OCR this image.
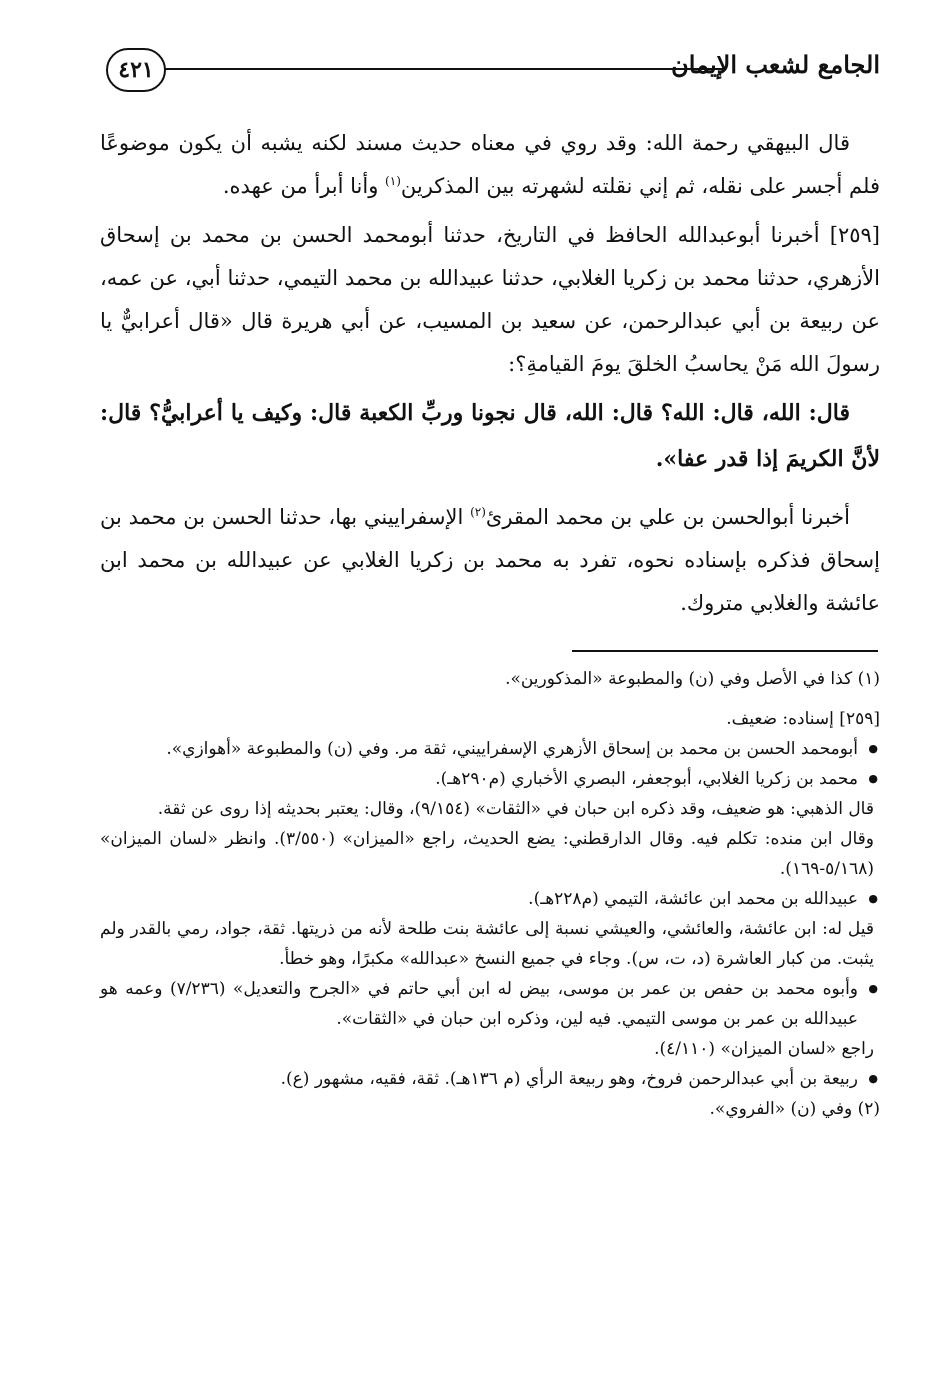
٤٢١	الجامع لشعب الإيمان
قال البيهقي رحمة الله: وقد روي في معناه حديث مسند لكنه يشبه أن يكون موضوعًا فلم أجسر على نقله، ثم إني نقلته لشهرته بين المذكرين$^{(١)}$ وأنا أبرأ من عهده.
[٢٥٩] أخبرنا أبوعبدالله الحافظ في التاريخ، حدثنا أبومحمد الحسن بن محمد بن إسحاق الأزهري، حدثنا محمد بن زكريا الغلابي، حدثنا عبيدالله بن محمد التيمي، حدثنا أبي، عن عمه، عن ربيعة بن أبي عبدالرحمن، عن سعيد بن المسيب، عن أبي هريرة قال «قال أعرابيٌّ يا رسولَ الله مَنْ يحاسبُ الخلقَ يومَ القيامةِ؟:
قال: الله، قال: الله؟ قال: الله، قال نجونا وربِّ الكعبة قال: وكيف يا أعرابيُّ؟ قال: لأنَّ الكريمَ إذا قدر عفا».
أخبرنا أبوالحسن بن علي بن محمد المقرئ$^{(٢)}$ الإسفراييني بها، حدثنا الحسن بن محمد بن إسحاق فذكره بإسناده نحوه، تفرد به محمد بن زكريا الغلابي عن عبيدالله بن محمد ابن عائشة والغلابي متروك.
(١) كذا في الأصل وفي (ن) والمطبوعة «المذكورين».
[٢٥٩] إسناده: ضعيف.
● أبومحمد الحسن بن محمد بن إسحاق الأزهري الإسفراييني، ثقة مر. وفي (ن) والمطبوعة «أهوازي».
● محمد بن زكريا الغلابي، أبوجعفر، البصري الأخباري (م٢٩٠هـ).
قال الذهبي: هو ضعيف، وقد ذكره ابن حبان في «الثقات» (٩/١٥٤)، وقال: يعتبر بحديثه إذا روى عن ثقة.
وقال ابن منده: تكلم فيه. وقال الدارقطني: يضع الحديث، راجع «الميزان» (٣/٥٥٠). وانظر «لسان الميزان» (٥/١٦٨-١٦٩).
● عبيدالله بن محمد ابن عائشة، التيمي (م٢٢٨هـ).
قيل له: ابن عائشة، والعائشي، والعيشي نسبة إلى عائشة بنت طلحة لأنه من ذريتها. ثقة، جواد، رمي بالقدر ولم يثبت. من كبار العاشرة (د، ت، س). وجاء في جميع النسخ «عبدالله» مكبرًا، وهو خطأ.
● وأبوه محمد بن حفص بن عمر بن موسى، بيض له ابن أبي حاتم في «الجرح والتعديل» (٧/٢٣٦) وعمه هو عبيدالله بن عمر بن موسى التيمي. فيه لين، وذكره ابن حبان في «الثقات».
راجع «لسان الميزان» (٤/١١٠).
● ربيعة بن أبي عبدالرحمن فروخ، وهو ربيعة الرأي (م ١٣٦هـ). ثقة، فقيه، مشهور (ع).
(٢) وفي (ن) «الفروي».
